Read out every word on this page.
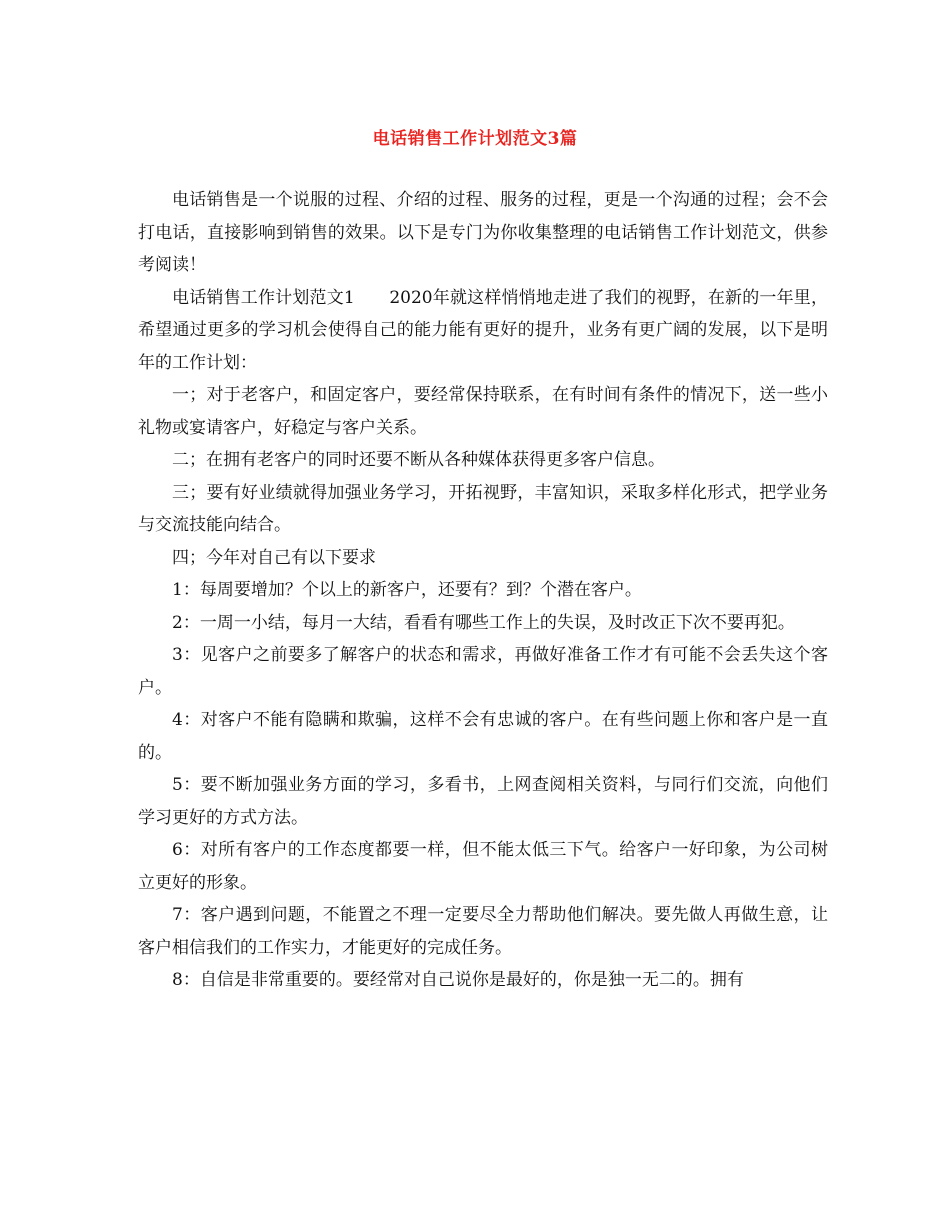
电话销售工作计划范文3篇

电话销售是一个说服的过程、介绍的过程、服务的过程，更是一个沟通的过程；会不会打电话，直接影响到销售的效果。以下是专门为你收集整理的电话销售工作计划范文，供参考阅读！

电话销售工作计划范文1　　2020年就这样悄悄地走进了我们的视野，在新的一年里，希望通过更多的学习机会使得自己的能力能有更好的提升，业务有更广阔的发展，以下是明年的工作计划：

一；对于老客户，和固定客户，要经常保持联系，在有时间有条件的情况下，送一些小礼物或宴请客户，好稳定与客户关系。

二；在拥有老客户的同时还要不断从各种媒体获得更多客户信息。

三；要有好业绩就得加强业务学习，开拓视野，丰富知识，采取多样化形式，把学业务与交流技能向结合。

四；今年对自己有以下要求

1：每周要增加？个以上的新客户，还要有？到？个潜在客户。

2：一周一小结，每月一大结，看看有哪些工作上的失误，及时改正下次不要再犯。

3：见客户之前要多了解客户的状态和需求，再做好准备工作才有可能不会丢失这个客户。

4：对客户不能有隐瞒和欺骗，这样不会有忠诚的客户。在有些问题上你和客户是一直的。

5：要不断加强业务方面的学习，多看书，上网查阅相关资料，与同行们交流，向他们学习更好的方式方法。

6：对所有客户的工作态度都要一样，但不能太低三下气。给客户一好印象，为公司树立更好的形象。

7：客户遇到问题，不能置之不理一定要尽全力帮助他们解决。要先做人再做生意，让客户相信我们的工作实力，才能更好的完成任务。

8：自信是非常重要的。要经常对自己说你是最好的，你是独一无二的。拥有
